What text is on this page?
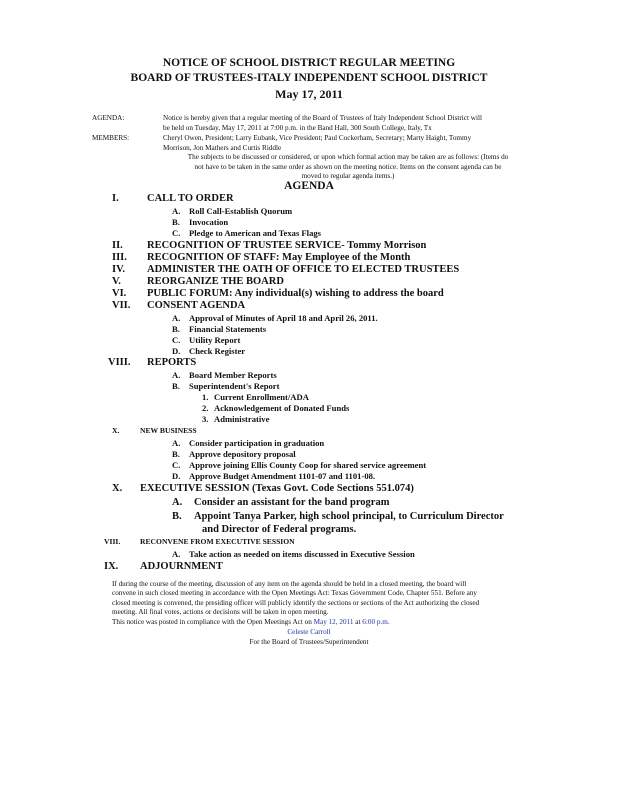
NOTICE OF SCHOOL DISTRICT REGULAR MEETING
BOARD OF TRUSTEES-ITALY INDEPENDENT SCHOOL DISTRICT
May 17, 2011
AGENDA:	Notice is hereby given that a regular meeting of the Board of Trustees of Italy Independent School District will
be held on Tuesday, May 17, 2011 at 7:00 p.m. in the Band Hall, 300 South College, Italy, Tx
MEMBERS:	Cheryl Owen, President; Larry Eubank, Vice President; Paul Cockerham, Secretary; Marty Haight, Tommy
Morrison, Jon Mathers and Curtis Riddle
The subjects to be discussed or considered, or upon which formal action may be taken are as follows: (Items do
not have to be taken in the same order as shown on the meeting notice. Items on the consent agenda can be
moved to regular agenda items.)
AGENDA
I.	CALL TO ORDER
A. Roll Call-Establish Quorum
B. Invocation
C. Pledge to American and Texas Flags
II. RECOGNITION OF TRUSTEE SERVICE- Tommy Morrison
III. RECOGNITION OF STAFF: May Employee of the Month
IV. ADMINISTER THE OATH OF OFFICE TO ELECTED TRUSTEES
V. REORGANIZE THE BOARD
VI. PUBLIC FORUM: Any individual(s) wishing to address the board
VII. CONSENT AGENDA
A. Approval of Minutes of April 18 and April 26, 2011.
B. Financial Statements
C. Utility Report
D. Check Register
VIII. REPORTS
A. Board Member Reports
B. Superintendent's Report
1. Current Enrollment/ADA
2. Acknowledgement of Donated Funds
3. Administrative
X.	NEW BUSINESS
A. Consider participation in graduation
B. Approve depository proposal
C. Approve joining Ellis County Coop for shared service agreement
D. Approve Budget Amendment 1101-07 and 1101-08.
X. EXECUTIVE SESSION (Texas Govt. Code Sections 551.074)
A. Consider an assistant for the band program
B. Appoint Tanya Parker, high school principal, to Curriculum Director
and Director of Federal programs.
VIII.	RECONVENE FROM EXECUTIVE SESSION
A. Take action as needed on items discussed in Executive Session
IX. ADJOURNMENT
If during the course of the meeting, discussion of any item on the agenda should be held in a closed meeting, the board will
convene in such closed meeting in accordance with the Open Meetings Act: Texas Government Code, Chapter 551. Before any
closed meeting is convened, the presiding officer will publicly identify the sections or sections of the Act authorizing the closed
meeting. All final votes, actions or decisions will be taken in open meeting.
This notice was posted in compliance with the Open Meetings Act on May 12, 2011 at 6:00 p.m.
Celeste Carroll
For the Board of Trustees/Superintendent
